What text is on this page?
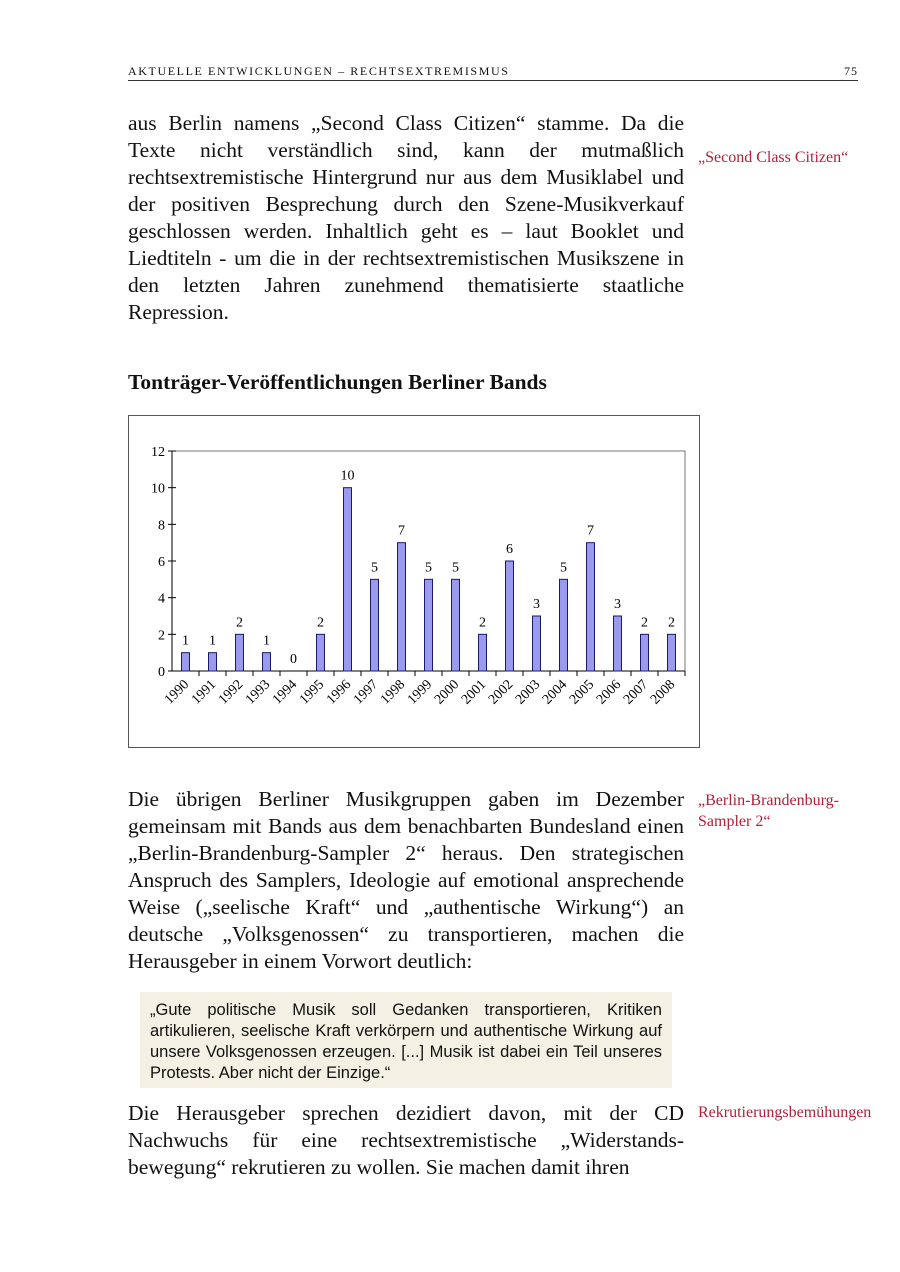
AKTUELLE ENTWICKLUNGEN – RECHTSEXTREMISMUS	75

aus Berlin namens „Second Class Citizen“ stamme. Da die Texte nicht verständlich sind, kann der mutmaßlich rechtsextremistische Hintergrund nur aus dem Musiklabel und der positiven Besprechung durch den Szene-Musikverkauf geschlossen werden. Inhaltlich geht es – laut Booklet und Liedtiteln - um die in der rechtsextremistischen Musikszene in den letzten Jahren zunehmend thematisierte staatliche Repression.

„Second Class Citizen“
Tonträger-Veröffentlichungen Berliner Bands
0
2
4
6
8
10
12
1
1990
1
1991
2
1992
1
1993
0
1994
2
1995
10
1996
5
1997
7
1998
5
1999
5
2000
2
2001
6
2002
3
2003
5
2004
7
2005
3
2006
2
2007
2
2008

Die übrigen Berliner Musikgruppen gaben im Dezember gemeinsam mit Bands aus dem benachbarten Bundesland einen „Berlin-Brandenburg-Sampler 2“ heraus. Den strategischen Anspruch des Samplers, Ideologie auf emotional ansprechende Weise („seelische Kraft“ und „authentische Wirkung“) an deutsche „Volksgenossen“ zu transportieren, machen die Herausgeber in einem Vorwort deutlich:

„Berlin-Brandenburg-Sampler 2“
„Gute politische Musik soll Gedanken transportieren, Kritiken artikulieren, seelische Kraft verkörpern und authentische Wirkung auf unsere Volksgenossen erzeugen. [...] Musik ist dabei ein Teil unseres Protests. Aber nicht der Einzige.“

Die Herausgeber sprechen dezidiert davon, mit der CD Nachwuchs für eine rechtsextremistische „Widerstandsbewegung“ rekrutieren zu wollen. Sie machen damit ihren

Rekrutierungsbemühungen
